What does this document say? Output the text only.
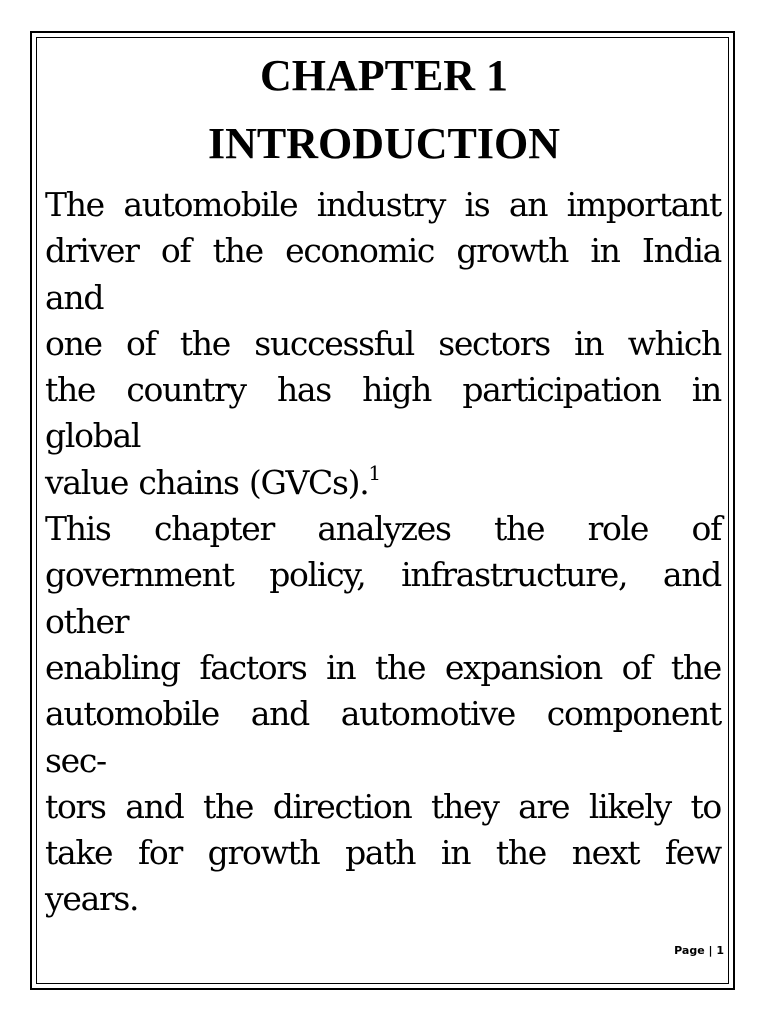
CHAPTER 1
INTRODUCTION
The automobile industry is an important
driver of the economic growth in India
and
one of the successful sectors in which
the country has high participation in
global
value chains (GVCs).$^1$
This chapter analyzes the role of
government policy, infrastructure, and
other
enabling factors in the expansion of the
automobile and automotive component
sec-
tors and the direction they are likely to
take for growth path in the next few
years.
Page | 1
